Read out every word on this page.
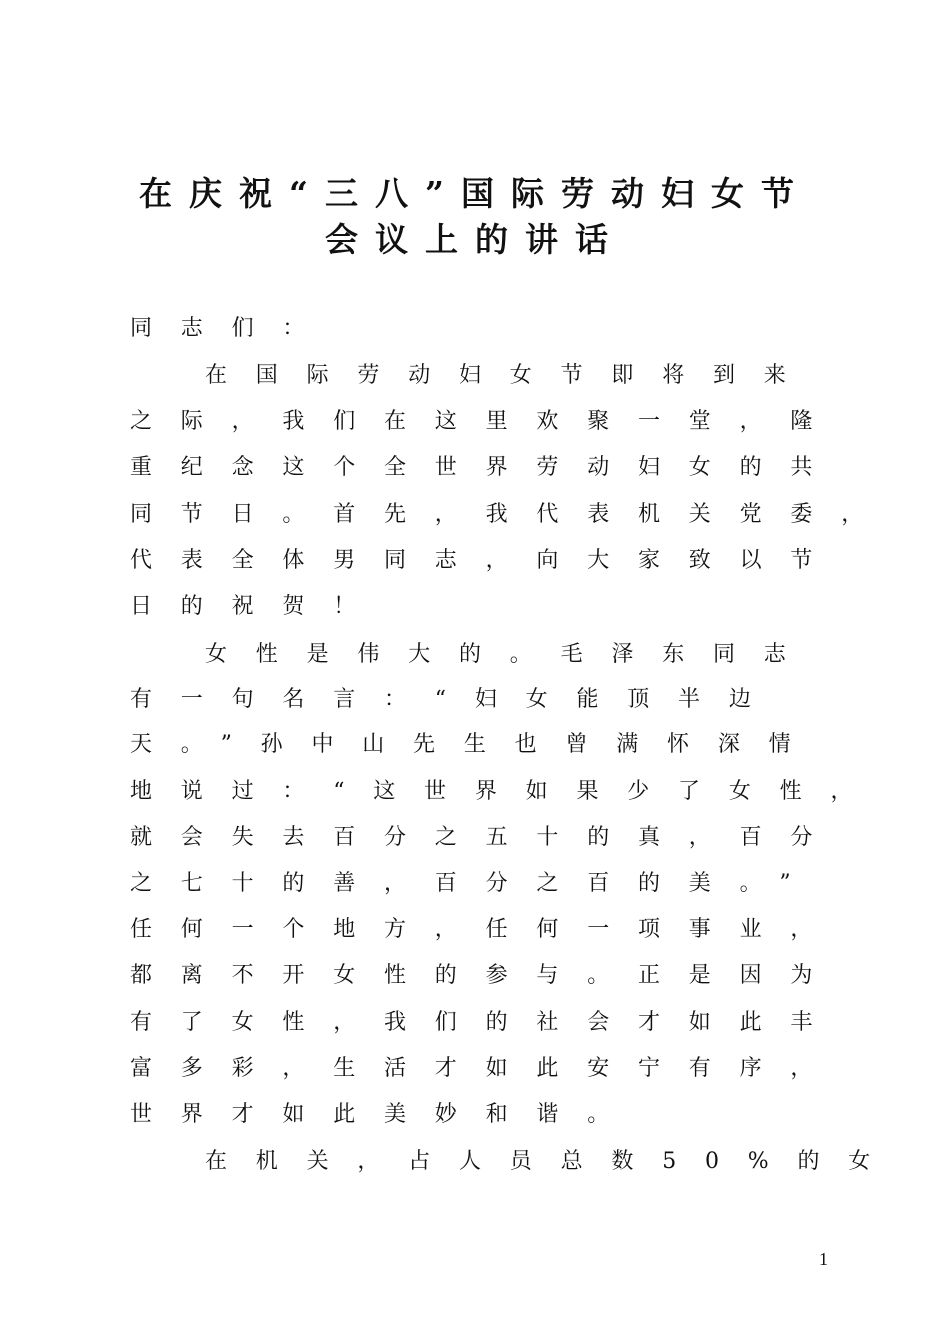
在庆祝“三八”国际劳动妇女节
会议上的讲话
同志们：
在国际劳动妇女节即将到来
之际，我们在这里欢聚一堂，隆
重纪念这个全世界劳动妇女的共
同节日。首先，我代表机关党委，
代表全体男同志，向大家致以节
日的祝贺！
女性是伟大的。毛泽东同志
有一句名言：“妇女能顶半边
天。”孙中山先生也曾满怀深情
地说过：“这世界如果少了女性，
就会失去百分之五十的真，百分
之七十的善，百分之百的美。”
任何一个地方，任何一项事业，
都离不开女性的参与。正是因为
有了女性，我们的社会才如此丰
富多彩，生活才如此安宁有序，
世界才如此美妙和谐。
在机关，占人员总数50%的女
1
